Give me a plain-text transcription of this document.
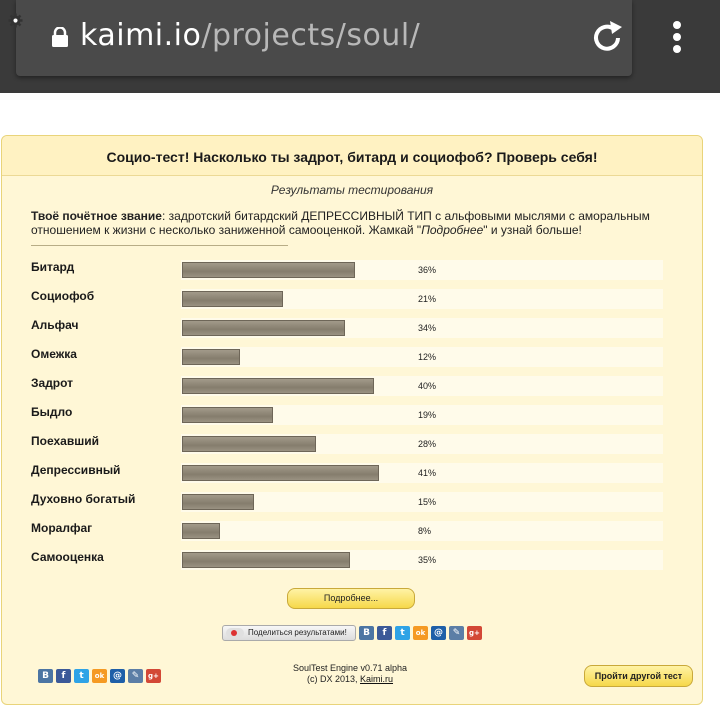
kaimi.io/projects/soul/
Социо-тест! Насколько ты задрот, битард и социофоб? Проверь себя!
Результаты тестирования
Твоё почётное звание: задротский битардский ДЕПРЕССИВНЫЙ ТИП с альфовыми мыслями с аморальным отношением к жизни с несколько заниженной самооценкой. Жамкай "Подробнее" и узнай больше!
Битард	36%
Социофоб	21%
Альфач	34%
Омежка	12%
Задрот	40%
Быдло	19%
Поехавший	28%
Депрессивный	41%
Духовно богатый	15%
Моралфаг	8%
Самооценка	35%
Подробнее...
Поделиться результатами!	B	f	t	ok @	✎	g+
B	f	t	ok @	✎	g+
SoulTest Engine v0.71 alpha
(c) DX 2013, Kaimi.ru	Пройти другой тест
